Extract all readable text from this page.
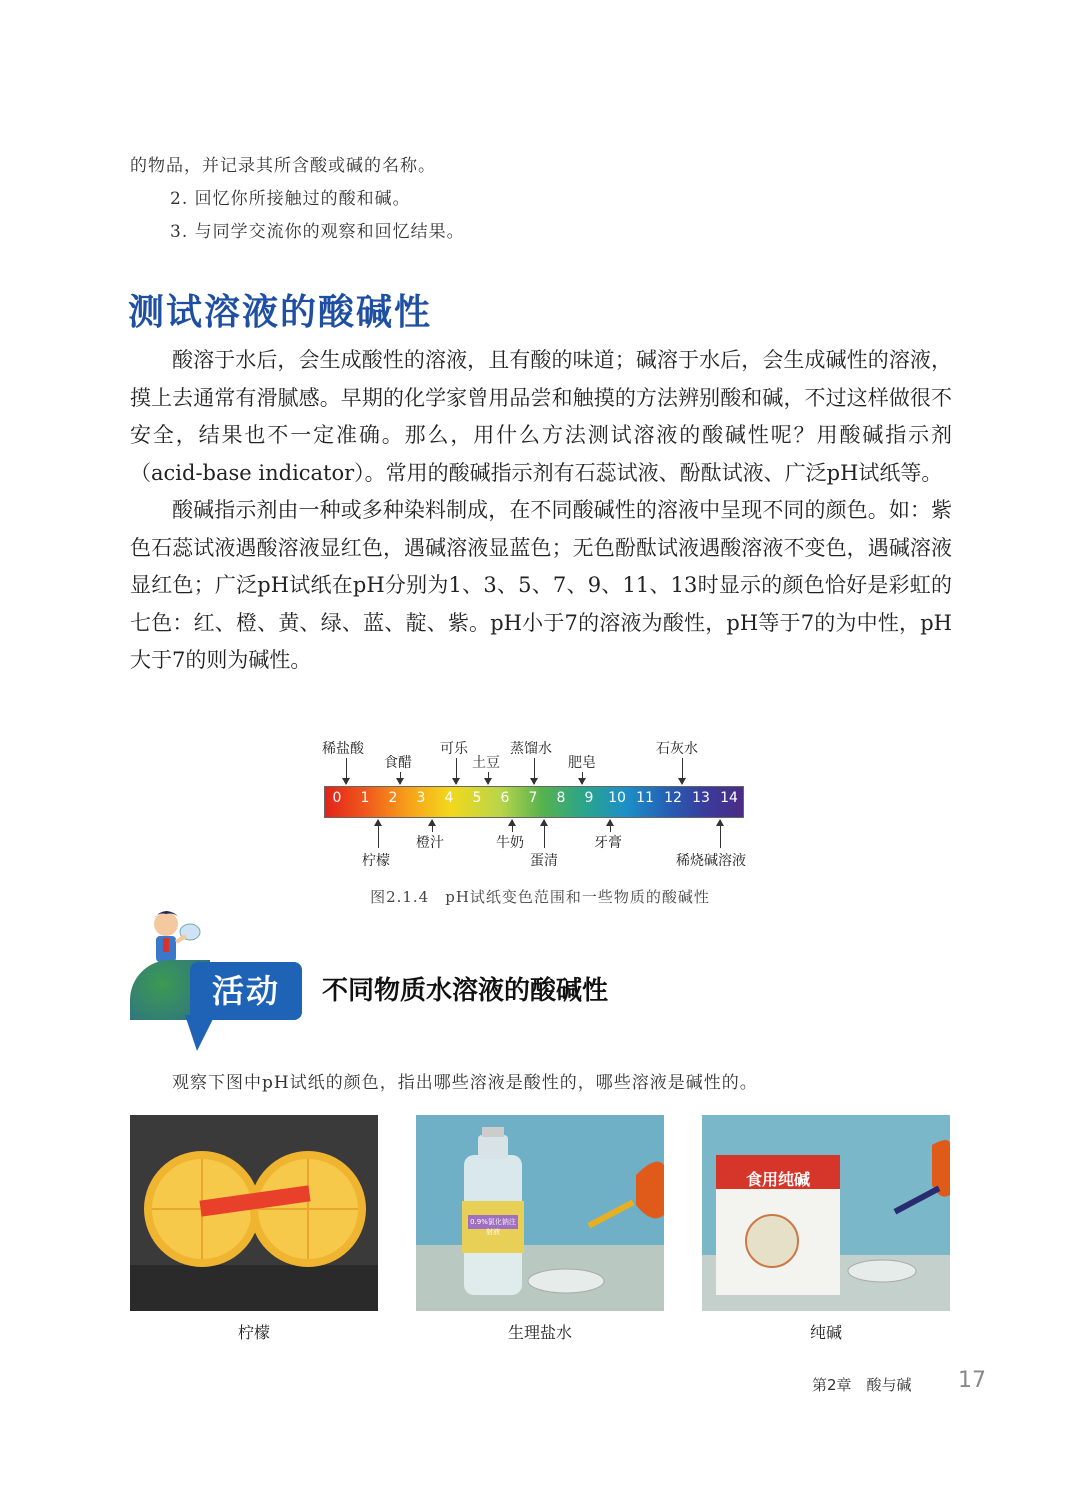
的物品，并记录其所含酸或碱的名称。

2. 回忆你所接触过的酸和碱。

3. 与同学交流你的观察和回忆结果。

测试溶液的酸碱性

酸溶于水后，会生成酸性的溶液，且有酸的味道；碱溶于水后，会生成碱性的溶液，摸上去通常有滑腻感。早期的化学家曾用品尝和触摸的方法辨别酸和碱，不过这样做很不安全，结果也不一定准确。那么，用什么方法测试溶液的酸碱性呢？用酸碱指示剂（acid-base indicator）。常用的酸碱指示剂有石蕊试液、酚酞试液、广泛pH试纸等。

酸碱指示剂由一种或多种染料制成，在不同酸碱性的溶液中呈现不同的颜色。如：紫色石蕊试液遇酸溶液显红色，遇碱溶液显蓝色；无色酚酞试液遇酸溶液不变色，遇碱溶液显红色；广泛pH试纸在pH分别为1、3、5、7、9、11、13时显示的颜色恰好是彩虹的七色：红、橙、黄、绿、蓝、靛、紫。pH小于7的溶液为酸性，pH等于7的为中性，pH大于7的则为碱性。

稀盐酸
食醋
可乐
土豆
蒸馏水
肥皂
石灰水
0	1	2	3	4	5	6	7	8	9	10 11 12 13 14
柠檬
橙汁	牛奶
蛋清
牙膏
稀烧碱溶液
图2.1.4　pH试纸变色范围和一些物质的酸碱性
活动	不同物质水溶液的酸碱性
观察下图中pH试纸的颜色，指出哪些溶液是酸性的，哪些溶液是碱性的。
柠檬
0.9%氯化钠注射液
生理盐水
食用纯碱
纯碱
第2章　酸与碱 17
